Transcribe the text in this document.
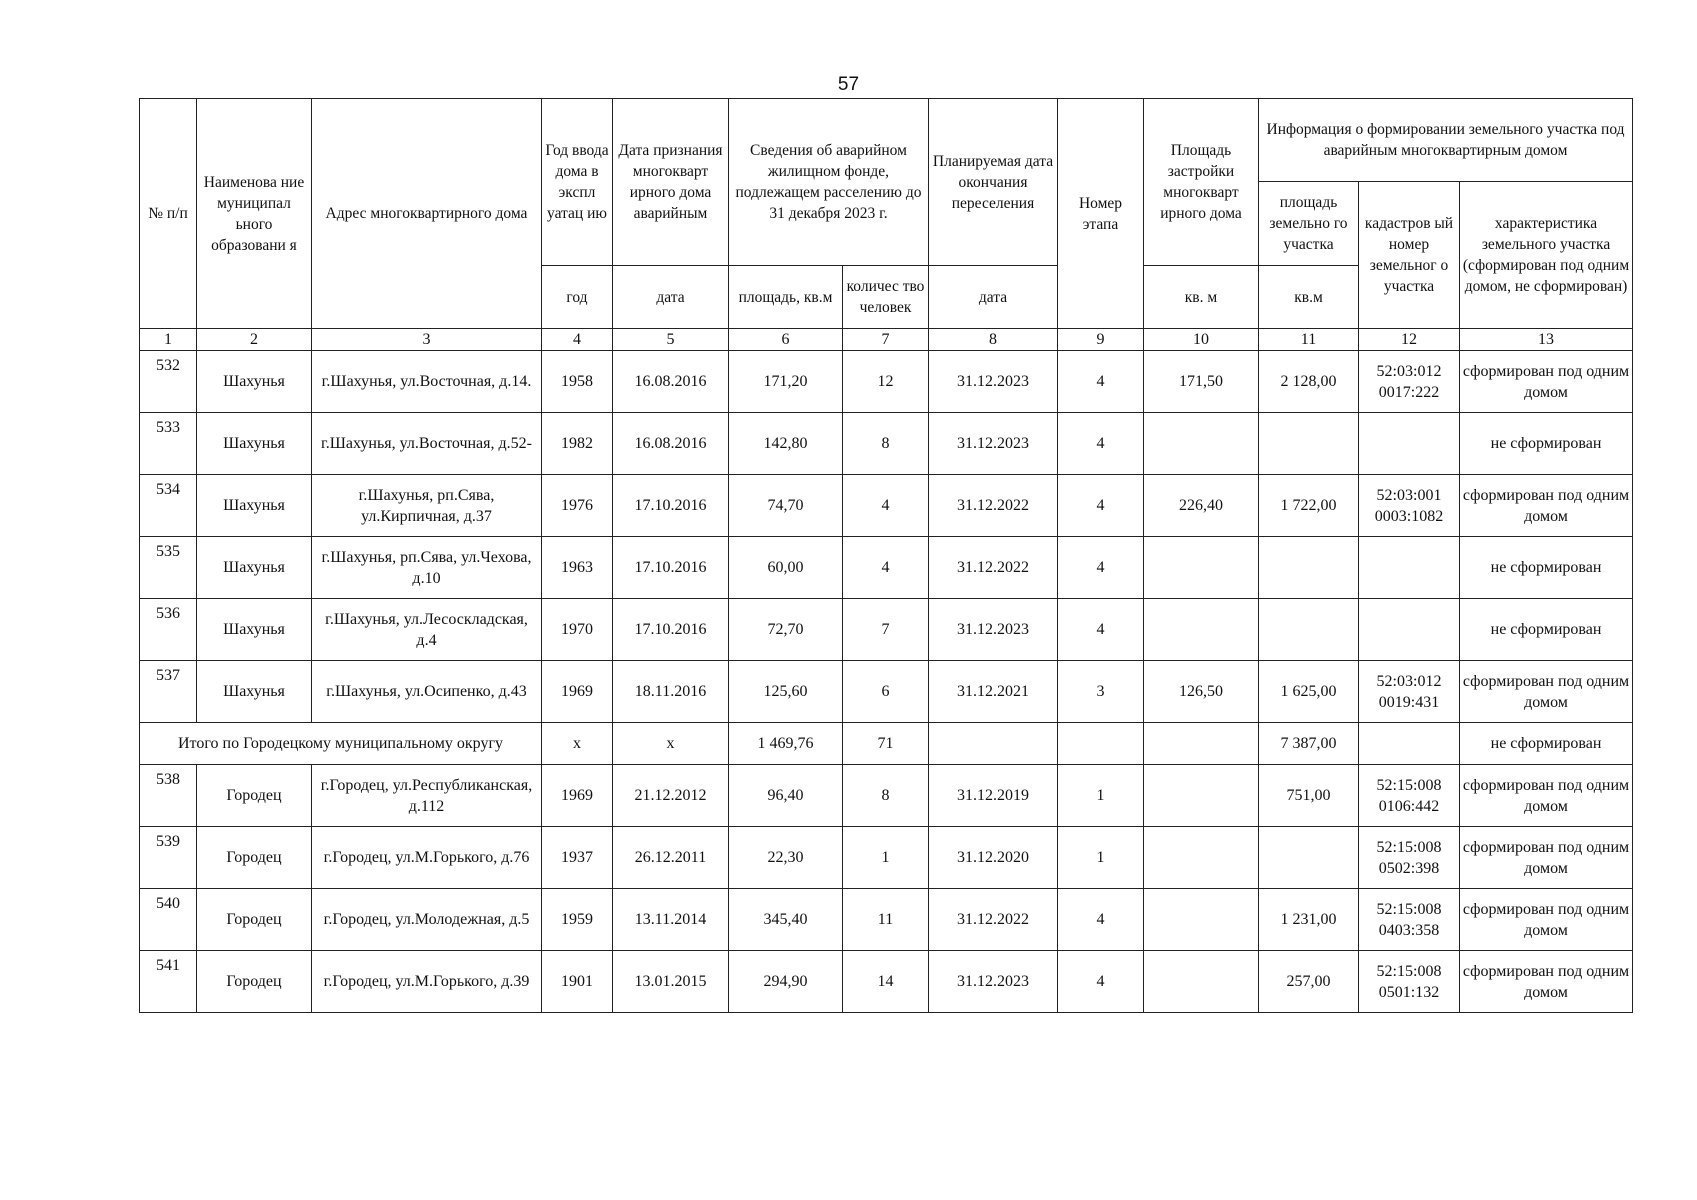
57
№ п/п	Наименова ние муниципал ьного образовани я	Адрес многоквартирного дома	Год ввода дома в экспл уатац ию	Дата признания многокварт ирного дома аварийным	Сведения об аварийном жилищном фонде, подлежащем расселению до 31 декабря 2023 г.		Планируемая дата окончания переселения	Номер этапа	Площадь застройки многокварт ирного дома	Информация о формировании земельного участка под аварийным многоквартирным домом		
										площадь земельно го участка	кадастров ый номер земельног о участка	характеристика земельного участка (сформирован под одним домом, не сформирован)
			год	дата	площадь, кв.м	количес тво человек	дата		кв. м	кв.м		
1	2	3	4	5	6	7	8	9	10	11	12	13
532	Шахунья	г.Шахунья, ул.Восточная, д.14.	1958	16.08.2016	171,20	12	31.12.2023	4	171,50	2 128,00	52:03:012 0017:222	сформирован под одним домом
533	Шахунья	г.Шахунья, ул.Восточная, д.52-	1982	16.08.2016	142,80	8	31.12.2023	4				не сформирован
534	Шахунья	г.Шахунья, рп.Сява, ул.Кирпичная, д.37	1976	17.10.2016	74,70	4	31.12.2022	4	226,40	1 722,00	52:03:001 0003:1082	сформирован под одним домом
535	Шахунья	г.Шахунья, рп.Сява, ул.Чехова, д.10	1963	17.10.2016	60,00	4	31.12.2022	4				не сформирован
536	Шахунья	г.Шахунья, ул.Лесоскладская, д.4	1970	17.10.2016	72,70	7	31.12.2023	4				не сформирован
537	Шахунья	г.Шахунья, ул.Осипенко, д.43	1969	18.11.2016	125,60	6	31.12.2021	3	126,50	1 625,00	52:03:012 0019:431	сформирован под одним домом
Итого по Городецкому муниципальному округу			x	x	1 469,76	71				7 387,00		не сформирован
538	Городец	г.Городец, ул.Республиканская, д.112	1969	21.12.2012	96,40	8	31.12.2019	1		751,00	52:15:008 0106:442	сформирован под одним домом
539	Городец	г.Городец, ул.М.Горького, д.76	1937	26.12.2011	22,30	1	31.12.2020	1			52:15:008 0502:398	сформирован под одним домом
540	Городец	г.Городец, ул.Молодежная, д.5	1959	13.11.2014	345,40	11	31.12.2022	4		1 231,00	52:15:008 0403:358	сформирован под одним домом
541	Городец	г.Городец, ул.М.Горького, д.39	1901	13.01.2015	294,90	14	31.12.2023	4		257,00	52:15:008 0501:132	сформирован под одним домом
